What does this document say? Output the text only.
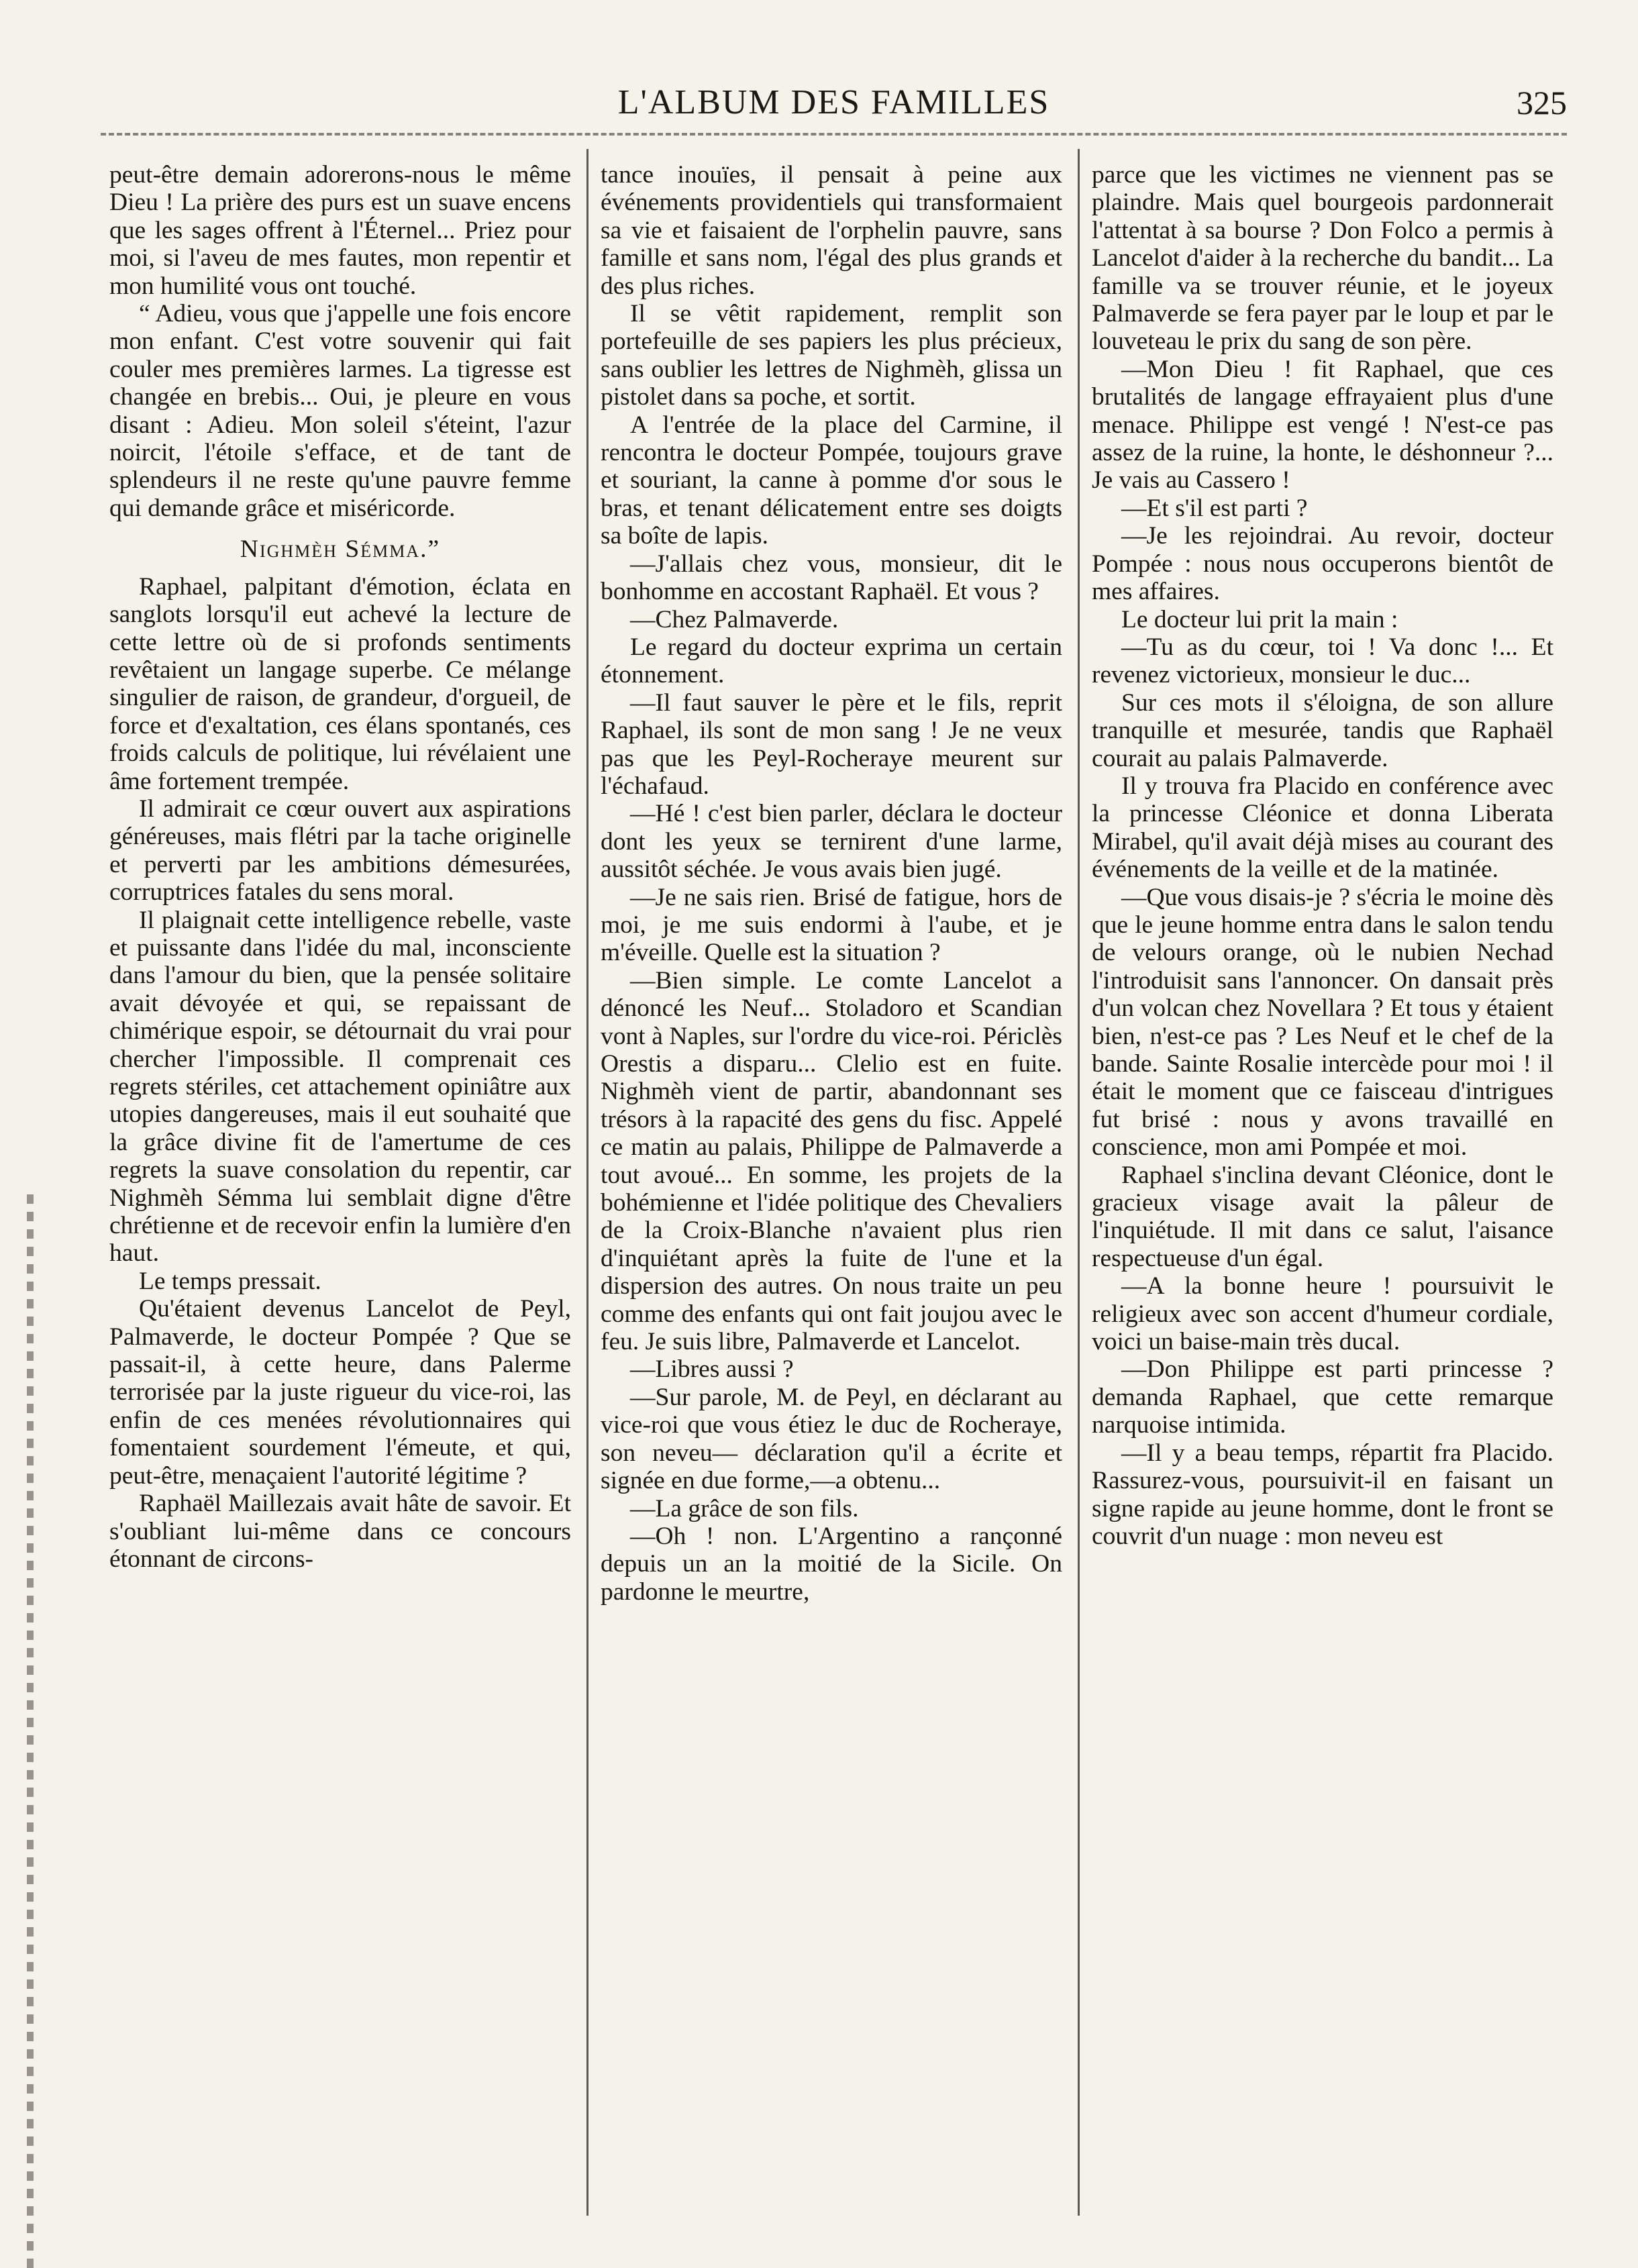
L'ALBUM DES FAMILLES	325

peut-être demain adorerons-nous le même Dieu ! La prière des purs est un suave encens que les sages offrent à l'Éternel... Priez pour moi, si l'aveu de mes fautes, mon repentir et mon humilité vous ont touché.

“ Adieu, vous que j'appelle une fois encore mon enfant. C'est votre souvenir qui fait couler mes premières larmes. La tigresse est changée en brebis... Oui, je pleure en vous disant : Adieu. Mon soleil s'éteint, l'azur noircit, l'étoile s'efface, et de tant de splendeurs il ne reste qu'une pauvre femme qui demande grâce et miséricorde.

Nighmèh Sémma.”

Raphael, palpitant d'émotion, éclata en sanglots lorsqu'il eut achevé la lecture de cette lettre où de si profonds sentiments revêtaient un langage superbe. Ce mélange singulier de raison, de grandeur, d'orgueil, de force et d'exaltation, ces élans spontanés, ces froids calculs de politique, lui révélaient une âme fortement trempée.

Il admirait ce cœur ouvert aux aspirations généreuses, mais flétri par la tache originelle et perverti par les ambitions démesurées, corruptrices fatales du sens moral.

Il plaignait cette intelligence rebelle, vaste et puissante dans l'idée du mal, inconsciente dans l'amour du bien, que la pensée solitaire avait dévoyée et qui, se repaissant de chimérique espoir, se détournait du vrai pour chercher l'impossible. Il comprenait ces regrets stériles, cet attachement opiniâtre aux utopies dangereuses, mais il eut souhaité que la grâce divine fit de l'amertume de ces regrets la suave consolation du repentir, car Nighmèh Sémma lui semblait digne d'être chrétienne et de recevoir enfin la lumière d'en haut.

Le temps pressait.

Qu'étaient devenus Lancelot de Peyl, Palmaverde, le docteur Pompée ? Que se passait-il, à cette heure, dans Palerme terrorisée par la juste rigueur du vice-roi, las enfin de ces menées révolutionnaires qui fomentaient sourdement l'émeute, et qui, peut-être, menaçaient l'autorité légitime ?

Raphaël Maillezais avait hâte de savoir. Et s'oubliant lui-même dans ce concours étonnant de circons-

tance inouïes, il pensait à peine aux événements providentiels qui transformaient sa vie et faisaient de l'orphelin pauvre, sans famille et sans nom, l'égal des plus grands et des plus riches.

Il se vêtit rapidement, remplit son portefeuille de ses papiers les plus précieux, sans oublier les lettres de Nighmèh, glissa un pistolet dans sa poche, et sortit.

A l'entrée de la place del Carmine, il rencontra le docteur Pompée, toujours grave et souriant, la canne à pomme d'or sous le bras, et tenant délicatement entre ses doigts sa boîte de lapis.

—J'allais chez vous, monsieur, dit le bonhomme en accostant Raphaël. Et vous ?

—Chez Palmaverde.

Le regard du docteur exprima un certain étonnement.

—Il faut sauver le père et le fils, reprit Raphael, ils sont de mon sang ! Je ne veux pas que les Peyl-Rocheraye meurent sur l'échafaud.

—Hé ! c'est bien parler, déclara le docteur dont les yeux se ternirent d'une larme, aussitôt séchée. Je vous avais bien jugé.

—Je ne sais rien. Brisé de fatigue, hors de moi, je me suis endormi à l'aube, et je m'éveille. Quelle est la situation ?

—Bien simple. Le comte Lancelot a dénoncé les Neuf... Stoladoro et Scandian vont à Naples, sur l'ordre du vice-roi. Périclès Orestis a disparu... Clelio est en fuite. Nighmèh vient de partir, abandonnant ses trésors à la rapacité des gens du fisc. Appelé ce matin au palais, Philippe de Palmaverde a tout avoué... En somme, les projets de la bohémienne et l'idée politique des Chevaliers de la Croix-Blanche n'avaient plus rien d'inquiétant après la fuite de l'une et la dispersion des autres. On nous traite un peu comme des enfants qui ont fait joujou avec le feu. Je suis libre, Palmaverde et Lancelot.

—Libres aussi ?

—Sur parole, M. de Peyl, en déclarant au vice-roi que vous étiez le duc de Rocheraye, son neveu— déclaration qu'il a écrite et signée en due forme,—a obtenu...

—La grâce de son fils.

—Oh ! non. L'Argentino a rançonné depuis un an la moitié de la Sicile. On pardonne le meurtre,

parce que les victimes ne viennent pas se plaindre. Mais quel bourgeois pardonnerait l'attentat à sa bourse ? Don Folco a permis à Lancelot d'aider à la recherche du bandit... La famille va se trouver réunie, et le joyeux Palmaverde se fera payer par le loup et par le louveteau le prix du sang de son père.

—Mon Dieu ! fit Raphael, que ces brutalités de langage effrayaient plus d'une menace. Philippe est vengé ! N'est-ce pas assez de la ruine, la honte, le déshonneur ?... Je vais au Cassero !

—Et s'il est parti ?

—Je les rejoindrai. Au revoir, docteur Pompée : nous nous occuperons bientôt de mes affaires.

Le docteur lui prit la main :

—Tu as du cœur, toi ! Va donc !... Et revenez victorieux, monsieur le duc...

Sur ces mots il s'éloigna, de son allure tranquille et mesurée, tandis que Raphaël courait au palais Palmaverde.

Il y trouva fra Placido en conférence avec la princesse Cléonice et donna Liberata Mirabel, qu'il avait déjà mises au courant des événements de la veille et de la matinée.

—Que vous disais-je ? s'écria le moine dès que le jeune homme entra dans le salon tendu de velours orange, où le nubien Nechad l'introduisit sans l'annoncer. On dansait près d'un volcan chez Novellara ? Et tous y étaient bien, n'est-ce pas ? Les Neuf et le chef de la bande. Sainte Rosalie intercède pour moi ! il était le moment que ce faisceau d'intrigues fut brisé : nous y avons travaillé en conscience, mon ami Pompée et moi.

Raphael s'inclina devant Cléonice, dont le gracieux visage avait la pâleur de l'inquiétude. Il mit dans ce salut, l'aisance respectueuse d'un égal.

—A la bonne heure ! poursuivit le religieux avec son accent d'humeur cordiale, voici un baise-main très ducal.

—Don Philippe est parti princesse ? demanda Raphael, que cette remarque narquoise intimida.

—Il y a beau temps, répartit fra Placido. Rassurez-vous, poursuivit-il en faisant un signe rapide au jeune homme, dont le front se couvrit d'un nuage : mon neveu est
